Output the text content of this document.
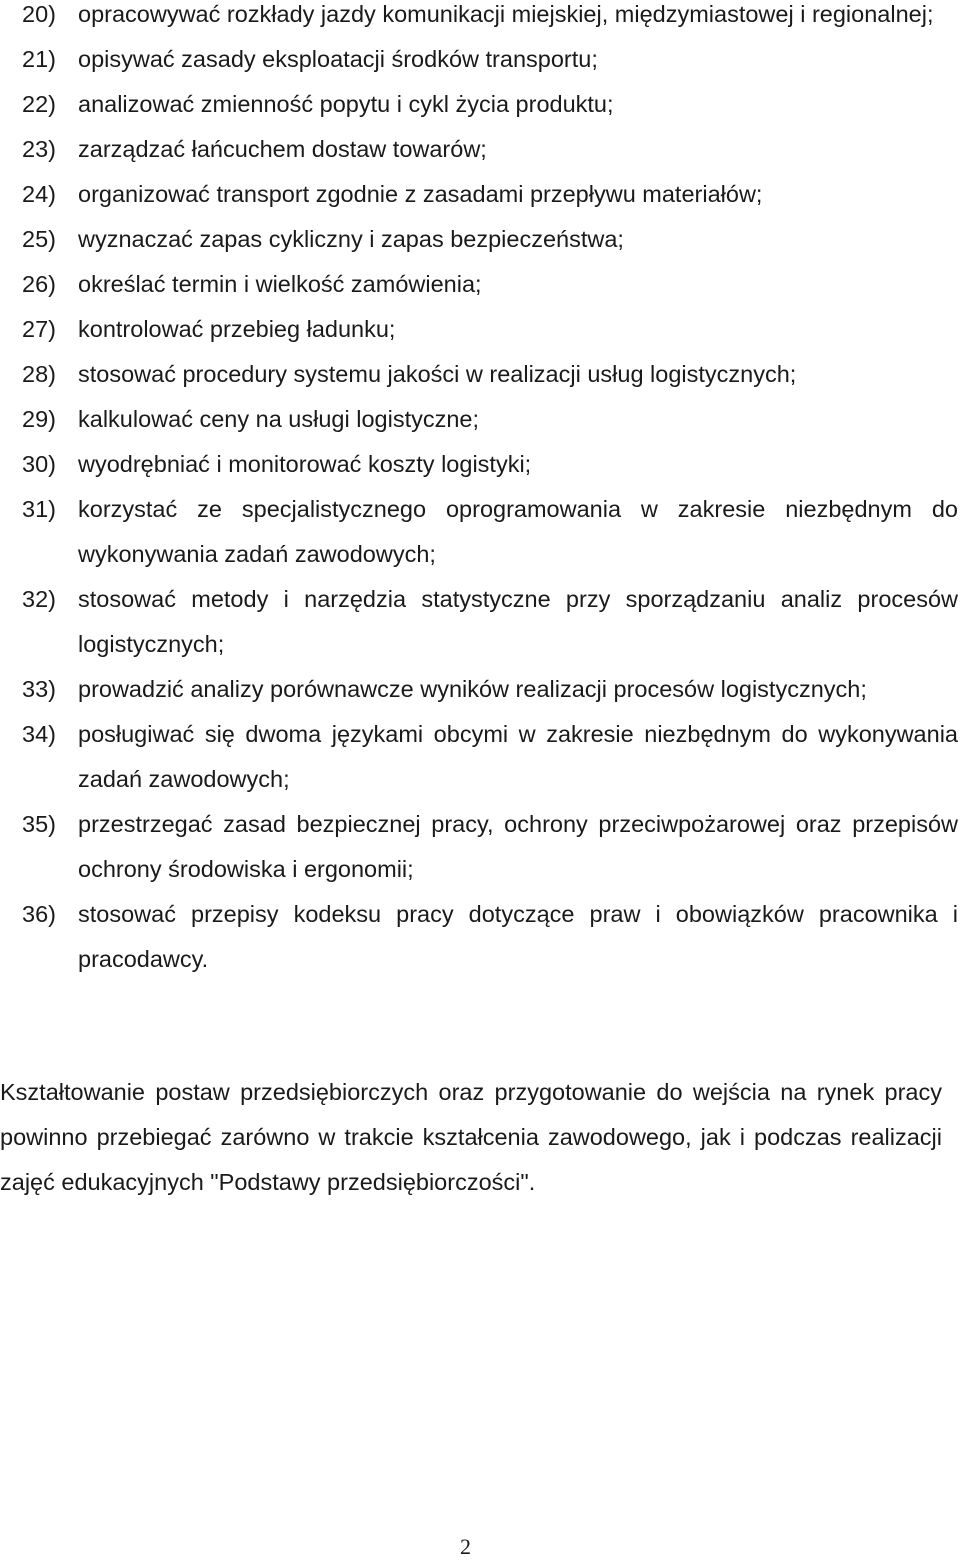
20) opracowywać rozkłady jazdy komunikacji miejskiej, międzymiastowej i regionalnej;
21) opisywać zasady eksploatacji środków transportu;
22) analizować zmienność popytu i cykl życia produktu;
23) zarządzać łańcuchem dostaw towarów;
24) organizować transport zgodnie z zasadami przepływu materiałów;
25) wyznaczać zapas cykliczny i zapas bezpieczeństwa;
26) określać termin i wielkość zamówienia;
27) kontrolować przebieg ładunku;
28) stosować procedury systemu jakości w realizacji usług logistycznych;
29) kalkulować ceny na usługi logistyczne;
30) wyodrębniać i monitorować koszty logistyki;
31) korzystać ze specjalistycznego oprogramowania w zakresie niezbędnym do wykonywania zadań zawodowych;
32) stosować metody i narzędzia statystyczne przy sporządzaniu analiz procesów logistycznych;
33) prowadzić analizy porównawcze wyników realizacji procesów logistycznych;
34) posługiwać się dwoma językami obcymi w zakresie niezbędnym do wykonywania zadań zawodowych;
35) przestrzegać zasad bezpiecznej pracy, ochrony przeciwpożarowej oraz przepisów ochrony środowiska i ergonomii;
36) stosować przepisy kodeksu pracy dotyczące praw i obowiązków pracownika i pracodawcy.

Kształtowanie postaw przedsiębiorczych oraz przygotowanie do wejścia na rynek pracy powinno przebiegać zarówno w trakcie kształcenia zawodowego, jak i podczas realizacji zajęć edukacyjnych "Podstawy przedsiębiorczości".

2
